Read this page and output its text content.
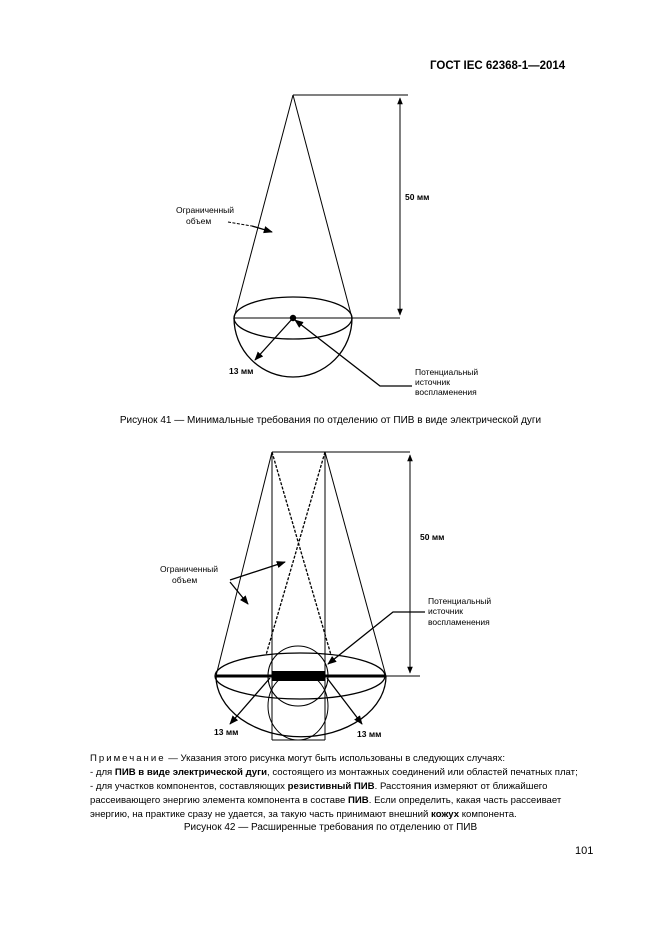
ГОСТ IEC 62368-1—2014
Ограниченный
объем
50 мм
13 мм	Потенциальный
источник
воспламенения
Ограниченный
объем
50 мм
13 мм	13 мм
Потенциальный
источник
воспламенения
Рисунок 41 — Минимальные требования по отделению от ПИВ в виде электрической дуги

Примечание — Указания этого рисунка могут быть использованы в следующих случаях:

- для ПИВ в виде электрической дуги, состоящего из монтажных соединений или областей печатных плат;

- для участков компонентов, составляющих резистивный ПИВ. Расстояния измеряют от ближайшего рассеивающего энергию элемента компонента в составе ПИВ. Если определить, какая часть рассеивает энергию, на практике сразу не удается, за такую часть принимают внешний кожух компонента.

Рисунок 42 — Расширенные требования по отделению от ПИВ
101
